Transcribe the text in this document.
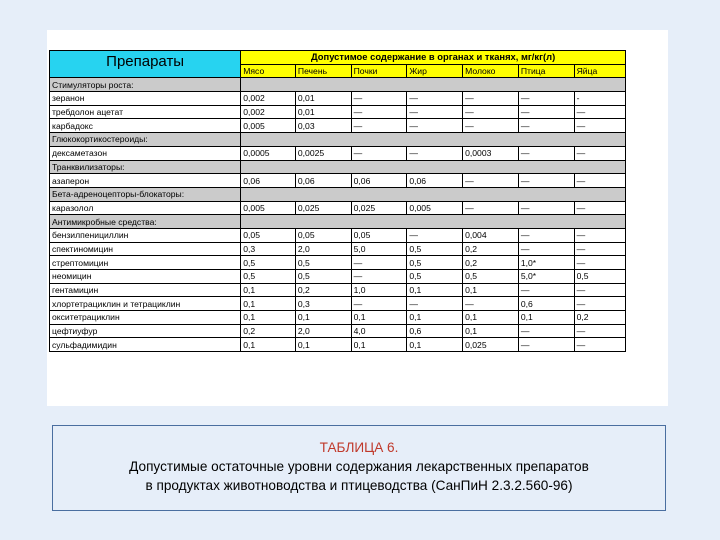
Препараты	Допустимое содержание в органах и тканях, мг/кг(л)						
	Мясо	Печень	Почки	Жир	Молоко	Птица	Яйца
Стимуляторы роста:							
зеранон	0,002	0,01	—	—	—	—	-
требдолон ацетат	0,002	0,01	—	—	—	—	—
карбадокс	0,005	0,03	—	—	—	—	—
Глюкокортикостероиды:							
дексаметазон	0,0005	0,0025	—	—	0,0003	—	—
Транквилизаторы:							
азаперон	0,06	0,06	0,06	0,06	—	—	—
Бета-адреноцепторы-блокаторы:							
каразолол	0,005	0,025	0,025	0,005	—	—	—
Антимикробные средства:							
бензилпенициллин	0,05	0,05	0,05	—	0,004	—	—
спектиномицин	0,3	2,0	5,0	0,5	0,2	—	—
стрептомицин	0,5	0,5	—	0,5	0,2	1,0*	—
неомицин	0,5	0,5	—	0,5	0,5	5,0*	0,5
гентамицин	0,1	0,2	1,0	0,1	0,1	—	—
хлортетрациклин и тетрациклин	0,1	0,3	—	—	—	0,6	—
окситетрациклин	0,1	0,1	0,1	0,1	0,1	0,1	0,2
цефтиуфур	0,2	2,0	4,0	0,6	0,1	—	—
сульфадимидин	0,1	0,1	0,1	0,1	0,025	—	—
ТАБЛИЦА 6.
Допустимые остаточные уровни содержания лекарственных препаратов
в продуктах животноводства и птицеводства (СанПиН 2.3.2.560-96)
